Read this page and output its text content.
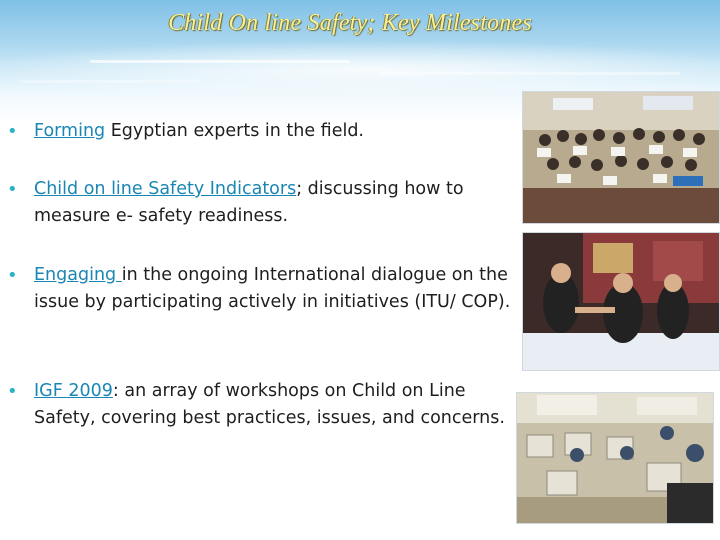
Child On line Safety; Key Milestones
• Forming Egyptian experts in the field.
• Child on line Safety Indicators; discussing how to measure e- safety readiness.
• Engaging in the ongoing International dialogue on the issue by participating actively in initiatives (ITU/ COP).
• IGF 2009: an array of workshops on Child on Line Safety, covering best practices, issues, and concerns.
